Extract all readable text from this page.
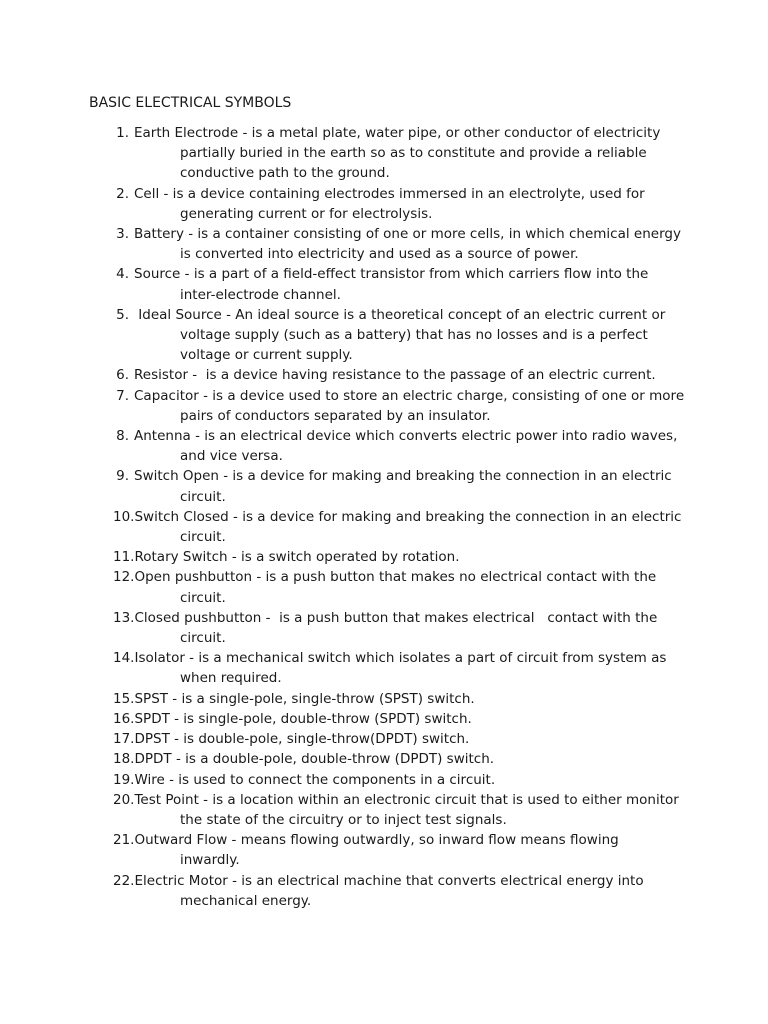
BASIC ELECTRICAL SYMBOLS
1. Earth Electrode - is a metal plate, water pipe, or other conductor of electricity
partially buried in the earth so as to constitute and provide a reliable
conductive path to the ground.
2. Cell - is a device containing electrodes immersed in an electrolyte, used for
generating current or for electrolysis.
3. Battery - is a container consisting of one or more cells, in which chemical energy
is converted into electricity and used as a source of power.
4. Source - is a part of a field-effect transistor from which carriers flow into the
inter-electrode channel.
5. Ideal Source - An ideal source is a theoretical concept of an electric current or
voltage supply (such as a battery) that has no losses and is a perfect
voltage or current supply.
6. Resistor -  is a device having resistance to the passage of an electric current.
7. Capacitor - is a device used to store an electric charge, consisting of one or more
pairs of conductors separated by an insulator.
8. Antenna - is an electrical device which converts electric power into radio waves,
and vice versa.
9. Switch Open - is a device for making and breaking the connection in an electric
circuit.
10.Switch Closed - is a device for making and breaking the connection in an electric
circuit.
11.Rotary Switch - is a switch operated by rotation.
12.Open pushbutton - is a push button that makes no electrical contact with the
circuit.
13.Closed pushbutton -  is a push button that makes electrical   contact with the
circuit.
14.Isolator - is a mechanical switch which isolates a part of circuit from system as
when required.
15.SPST - is a single-pole, single-throw (SPST) switch.
16.SPDT - is single-pole, double-throw (SPDT) switch.
17.DPST - is double-pole, single-throw(DPDT) switch.
18.DPDT - is a double-pole, double-throw (DPDT) switch.
19.Wire - is used to connect the components in a circuit.
20.Test Point - is a location within an electronic circuit that is used to either monitor
the state of the circuitry or to inject test signals.
21.Outward Flow - means flowing outwardly, so inward flow means flowing
inwardly.
22.Electric Motor - is an electrical machine that converts electrical energy into
mechanical energy.
